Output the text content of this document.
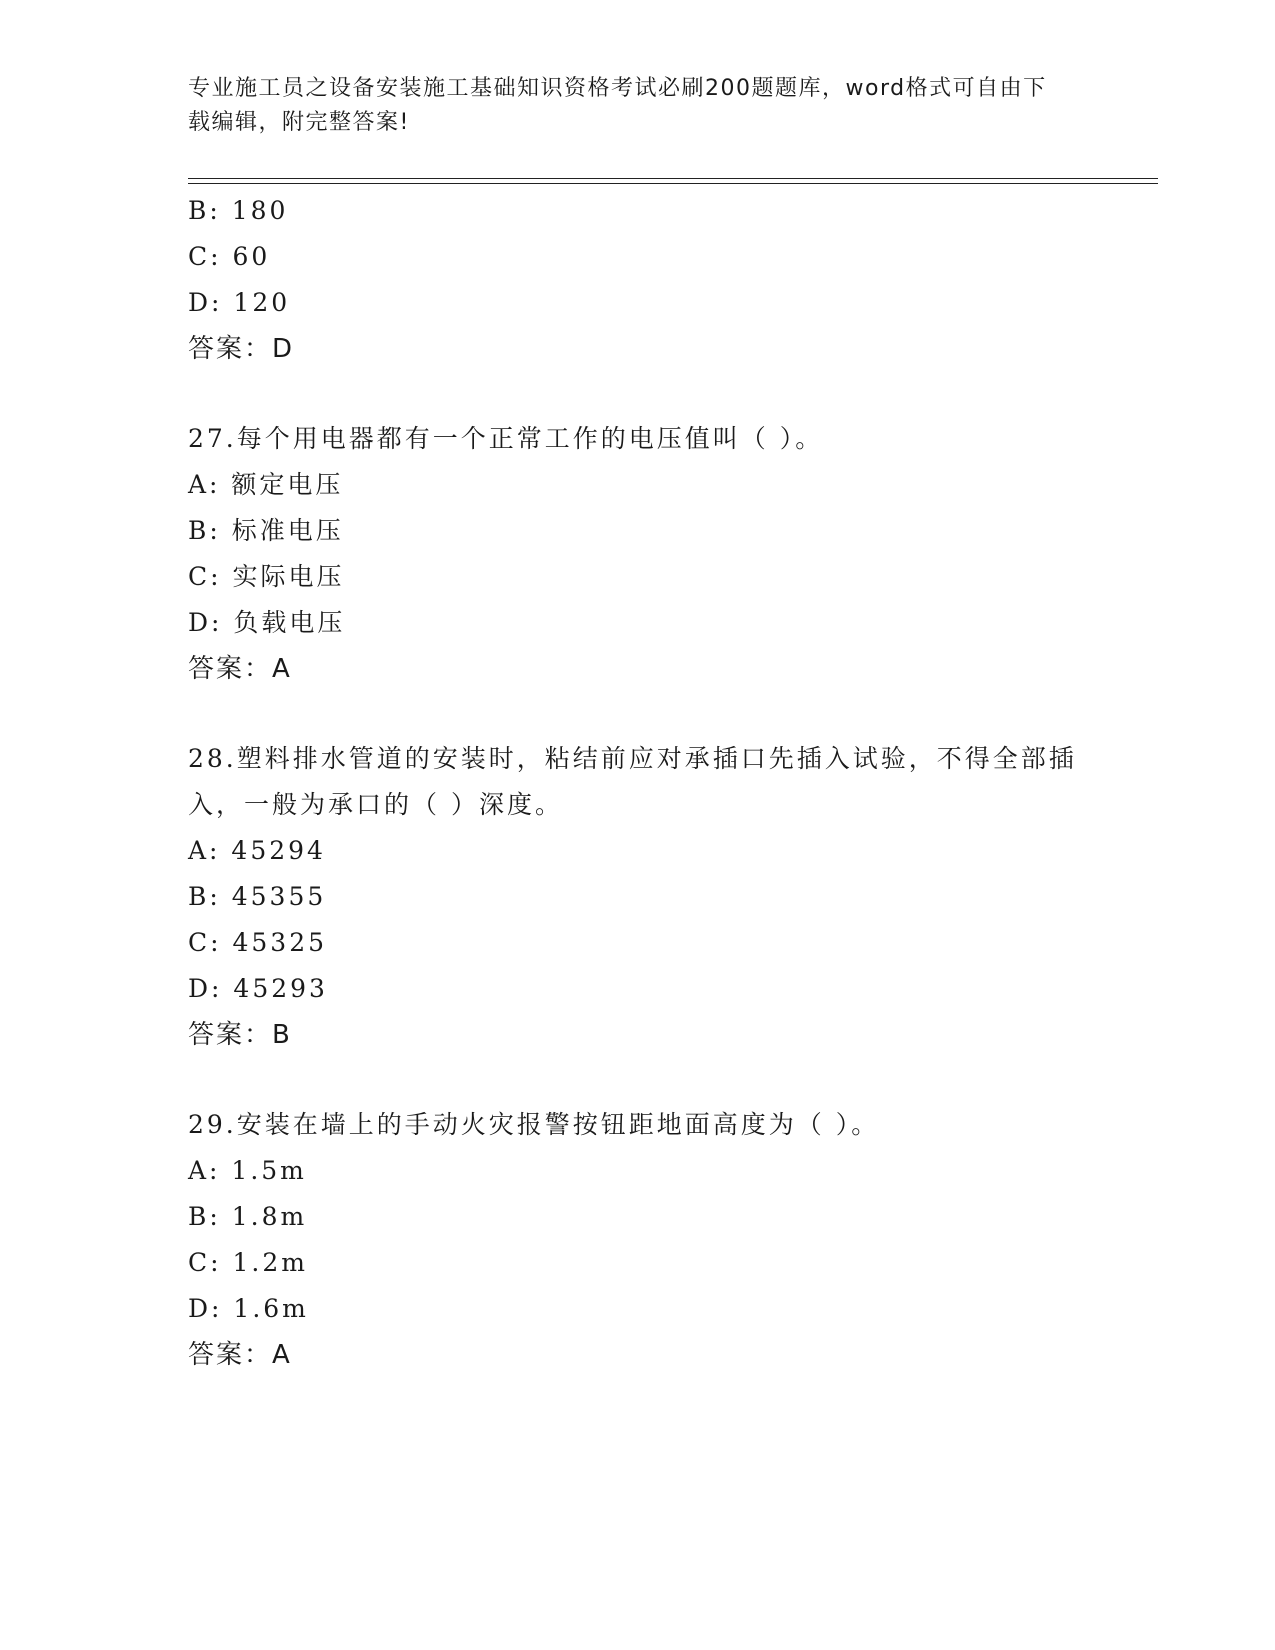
专业施工员之设备安装施工基础知识资格考试必刷200题题库，word格式可自由下载编辑，附完整答案!
B: 180
C: 60
D: 120
答案：D
27.每个用电器都有一个正常工作的电压值叫（ ）。
A: 额定电压
B: 标准电压
C: 实际电压
D: 负载电压
答案：A
28.塑料排水管道的安装时，粘结前应对承插口先插入试验，不得全部插入，一般为承口的（ ）深度。
A: 45294
B: 45355
C: 45325
D: 45293
答案：B
29.安装在墙上的手动火灾报警按钮距地面高度为（ ）。
A: 1.5m
B: 1.8m
C: 1.2m
D: 1.6m
答案：A
